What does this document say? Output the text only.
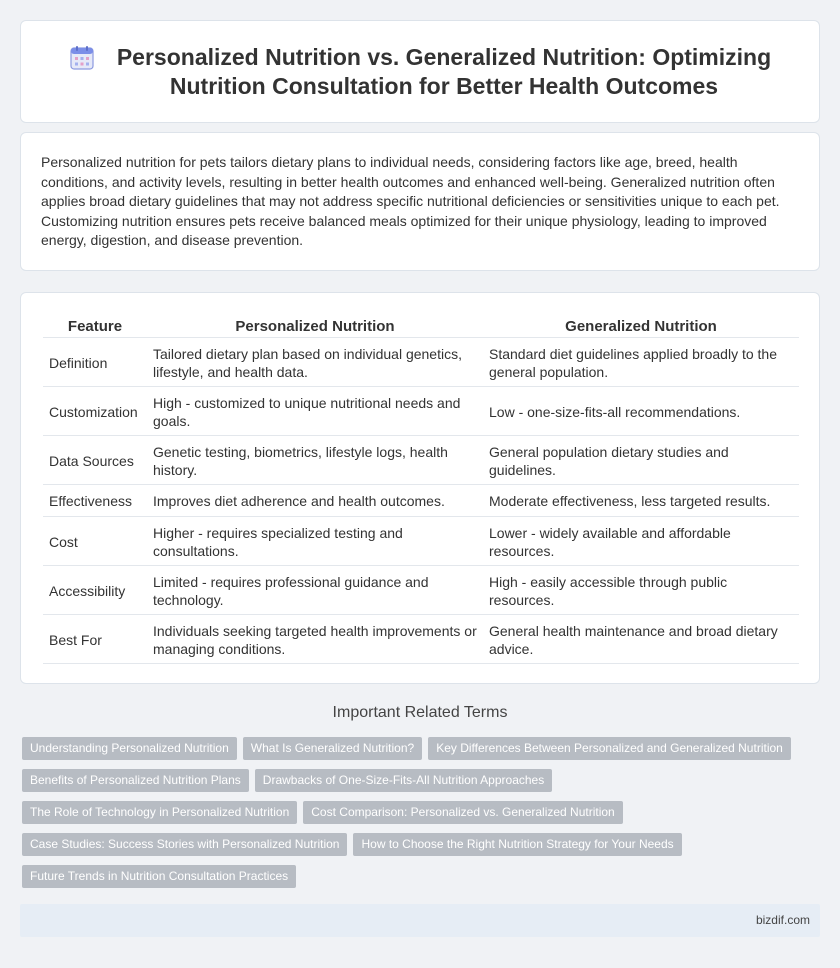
Personalized Nutrition vs. Generalized Nutrition: Optimizing
Nutrition Consultation for Better Health Outcomes

Personalized nutrition for pets tailors dietary plans to individual needs, considering factors like age, breed, health conditions, and activity levels, resulting in better health outcomes and enhanced well-being. Generalized nutrition often applies broad dietary guidelines that may not address specific nutritional deficiencies or sensitivities unique to each pet. Customizing nutrition ensures pets receive balanced meals optimized for their unique physiology, leading to improved energy, digestion, and disease prevention.

Feature	Personalized Nutrition	Generalized Nutrition
Definition	Tailored dietary plan based on individual genetics, lifestyle, and health data.	Standard diet guidelines applied broadly to the general population.
Customization	High - customized to unique nutritional needs and goals.	Low - one-size-fits-all recommendations.
Data Sources	Genetic testing, biometrics, lifestyle logs, health history.	General population dietary studies and guidelines.
Effectiveness	Improves diet adherence and health outcomes.	Moderate effectiveness, less targeted results.
Cost	Higher - requires specialized testing and consultations.	Lower - widely available and affordable resources.
Accessibility	Limited - requires professional guidance and technology.	High - easily accessible through public resources.
Best For	Individuals seeking targeted health improvements or managing conditions.	General health maintenance and broad dietary advice.
Important Related Terms
Understanding Personalized Nutrition	What Is Generalized Nutrition?	Key Differences Between Personalized and Generalized Nutrition
Benefits of Personalized Nutrition Plans	Drawbacks of One-Size-Fits-All Nutrition Approaches
The Role of Technology in Personalized Nutrition	Cost Comparison: Personalized vs. Generalized Nutrition
Case Studies: Success Stories with Personalized Nutrition	How to Choose the Right Nutrition Strategy for Your Needs
Future Trends in Nutrition Consultation Practices
bizdif.com
